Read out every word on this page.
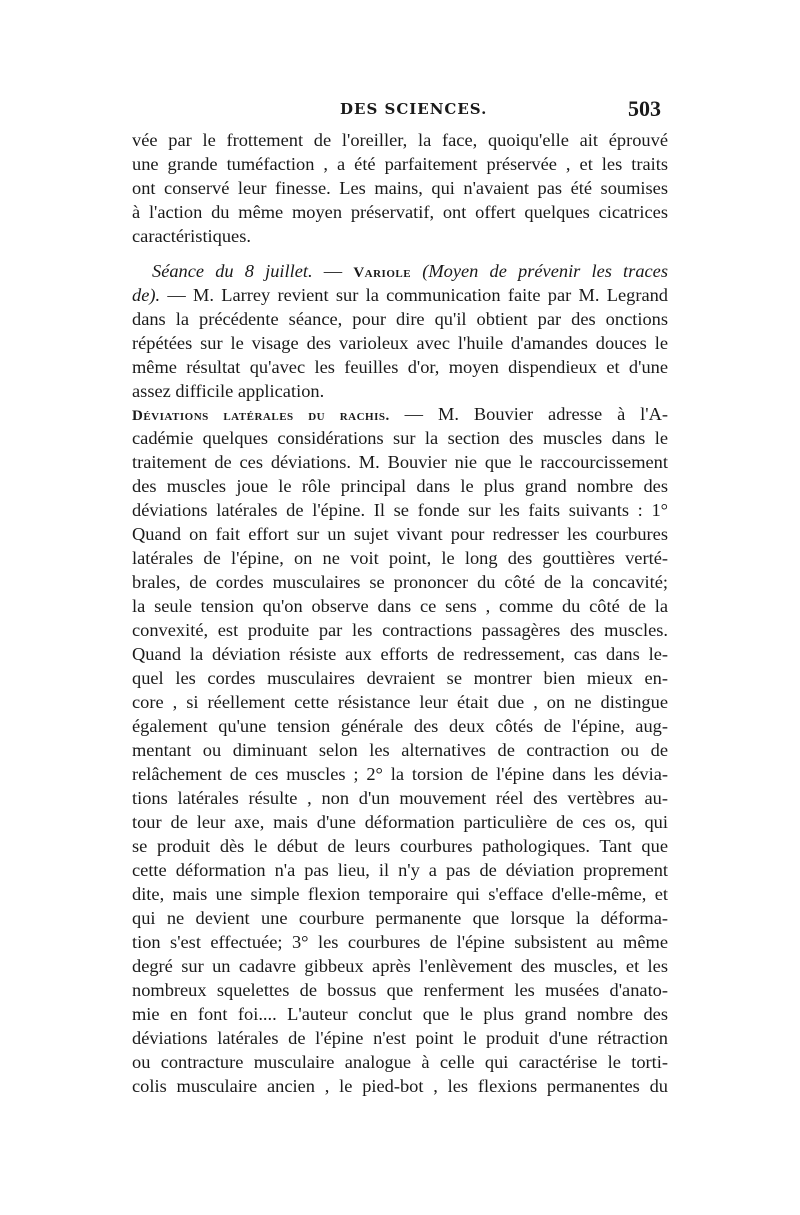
DES SCIENCES.	503
vée par le frottement de l'oreiller, la face, quoiqu'elle ait éprouvé
une grande tuméfaction , a été parfaitement préservée , et les traits
ont conservé leur finesse. Les mains, qui n'avaient pas été soumises
à l'action du même moyen préservatif, ont offert quelques cicatrices
caractéristiques.
Séance du 8 juillet. — Variole (Moyen de prévenir les traces
de). — M. Larrey revient sur la communication faite par M. Legrand
dans la précédente séance, pour dire qu'il obtient par des onctions
répétées sur le visage des varioleux avec l'huile d'amandes douces le
même résultat qu'avec les feuilles d'or, moyen dispendieux et d'une
assez difficile application.
Déviations latérales du rachis. — M. Bouvier adresse à l'A-
cadémie quelques considérations sur la section des muscles dans le
traitement de ces déviations. M. Bouvier nie que le raccourcissement
des muscles joue le rôle principal dans le plus grand nombre des
déviations latérales de l'épine. Il se fonde sur les faits suivants : 1°
Quand on fait effort sur un sujet vivant pour redresser les courbures
latérales de l'épine, on ne voit point, le long des gouttières verté-
brales, de cordes musculaires se prononcer du côté de la concavité;
la seule tension qu'on observe dans ce sens , comme du côté de la
convexité, est produite par les contractions passagères des muscles.
Quand la déviation résiste aux efforts de redressement, cas dans le-
quel les cordes musculaires devraient se montrer bien mieux en-
core , si réellement cette résistance leur était due , on ne distingue
également qu'une tension générale des deux côtés de l'épine, aug-
mentant ou diminuant selon les alternatives de contraction ou de
relâchement de ces muscles ; 2° la torsion de l'épine dans les dévia-
tions latérales résulte , non d'un mouvement réel des vertèbres au-
tour de leur axe, mais d'une déformation particulière de ces os, qui
se produit dès le début de leurs courbures pathologiques. Tant que
cette déformation n'a pas lieu, il n'y a pas de déviation proprement
dite, mais une simple flexion temporaire qui s'efface d'elle-même, et
qui ne devient une courbure permanente que lorsque la déforma-
tion s'est effectuée; 3° les courbures de l'épine subsistent au même
degré sur un cadavre gibbeux après l'enlèvement des muscles, et les
nombreux squelettes de bossus que renferment les musées d'anato-
mie en font foi.... L'auteur conclut que le plus grand nombre des
déviations latérales de l'épine n'est point le produit d'une rétraction
ou contracture musculaire analogue à celle qui caractérise le torti-
colis musculaire ancien , le pied-bot , les flexions permanentes du
